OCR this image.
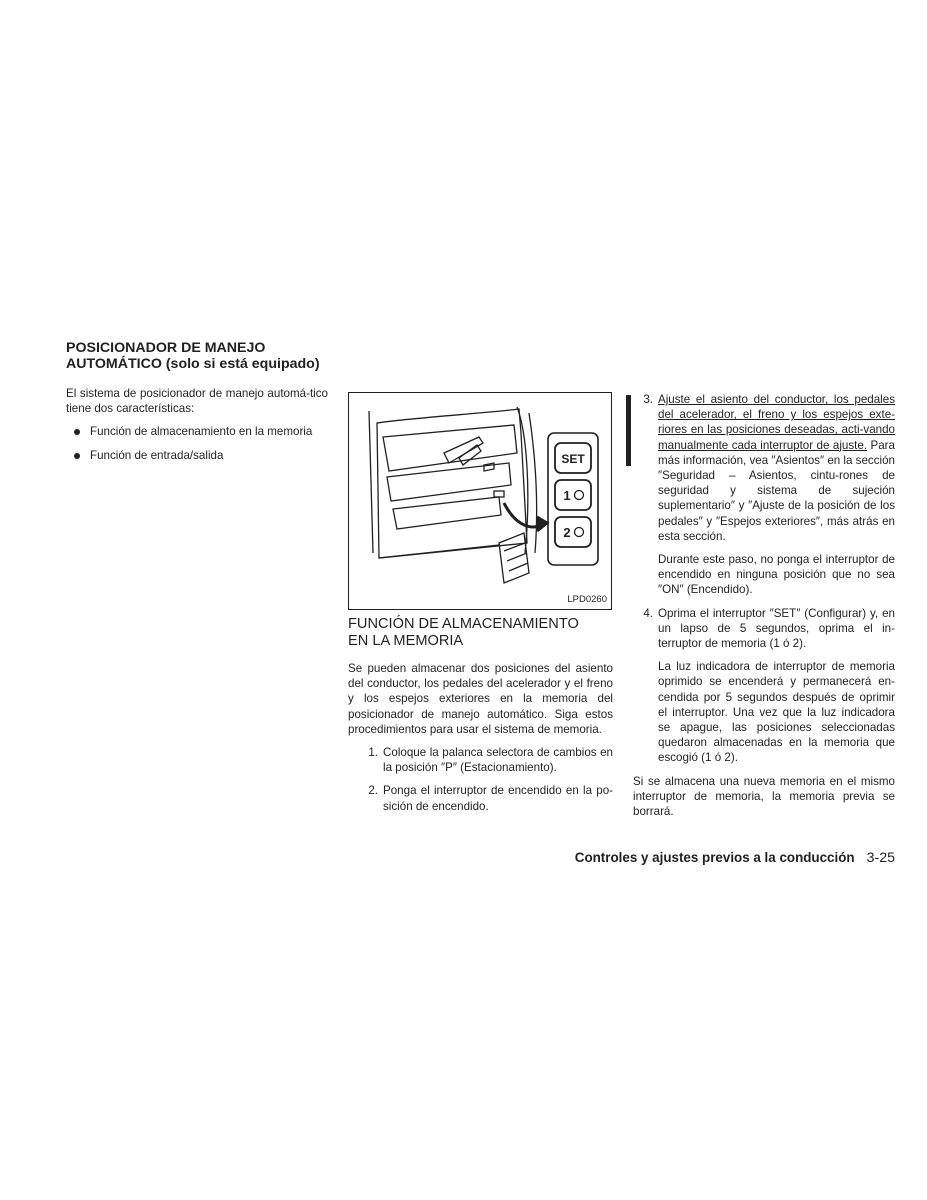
POSICIONADOR DE MANEJO
AUTOMÁTICO (solo si está equipado)

El sistema de posicionador de manejo automá-tico tiene dos características:

Función de almacenamiento en la memoria
Función de entrada/salida	SET
1
2
LPD0260
FUNCIÓN DE ALMACENAMIENTO
EN LA MEMORIA

Se pueden almacenar dos posiciones del asiento del conductor, los pedales del acelerador y el freno y los espejos exteriores en la memoria del posicionador de manejo automático. Siga estos procedimientos para usar el sistema de memoria.

1. Coloque la palanca selectora de cambios en la posición ″P″ (Estacionamiento).
2. Ponga el interruptor de encendido en la po-sición de encendido.
3. Ajuste el asiento del conductor, los pedales del acelerador, el freno y los espejos exte-riores en las posiciones deseadas, acti-vando manualmente cada interruptor de ajuste. Para más información, vea ″Asientos″ en la sección ″Seguridad – Asientos, cintu-rones de seguridad y sistema de sujeción suplementario″ y ″Ajuste de la posición de los pedales″ y ″Espejos exteriores″, más atrás en esta sección.

Durante este paso, no ponga el interruptor de encendido en ninguna posición que no sea ″ON″ (Encendido).

4. Oprima el interruptor ″SET″ (Configurar) y, en un lapso de 5 segundos, oprima el in-terruptor de memoria (1 ó 2).

La luz indicadora de interruptor de memoria oprimido se encenderá y permanecerá en-cendida por 5 segundos después de oprimir el interruptor. Una vez que la luz indicadora se apague, las posiciones seleccionadas quedaron almacenadas en la memoria que escogió (1 ó 2).

Si se almacena una nueva memoria en el mismo interruptor de memoria, la memoria previa se borrará.

Controles y ajustes previos a la conducción 3-25
